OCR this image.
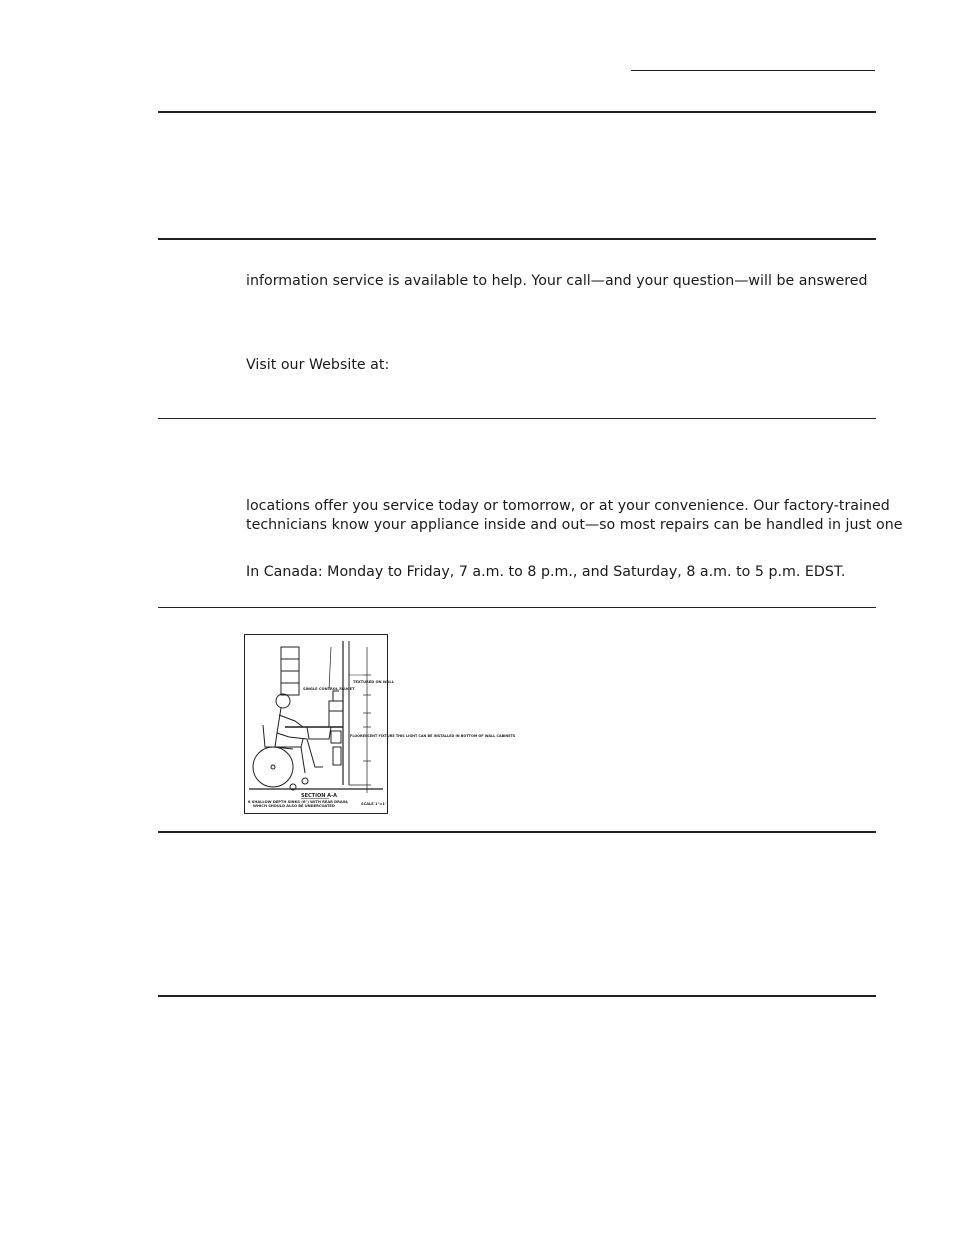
information service is available to help. Your call—and your question—will be answered
Visit our Website at:
locations offer you service today or tomorrow, or at your convenience. Our factory-trained
technicians know your appliance inside and out—so most repairs can be handled in just one
In Canada: Monday to Friday, 7 a.m. to 8 p.m., and Saturday, 8 a.m. to 5 p.m. EDST.
SINGLE CONTROL FAUCET
TEXTURED ON WALL
FLUORESCENT FIXTURE THIS LIGHT CAN BE INSTALLED IN BOTTOM OF WALL CABINETS
SECTION A-A
6 SHALLOW DEPTH SINKS (6") WITH REAR DRAIN,
WHICH SHOULD ALSO BE UNDERCOATED	SCALE 1"=1'
